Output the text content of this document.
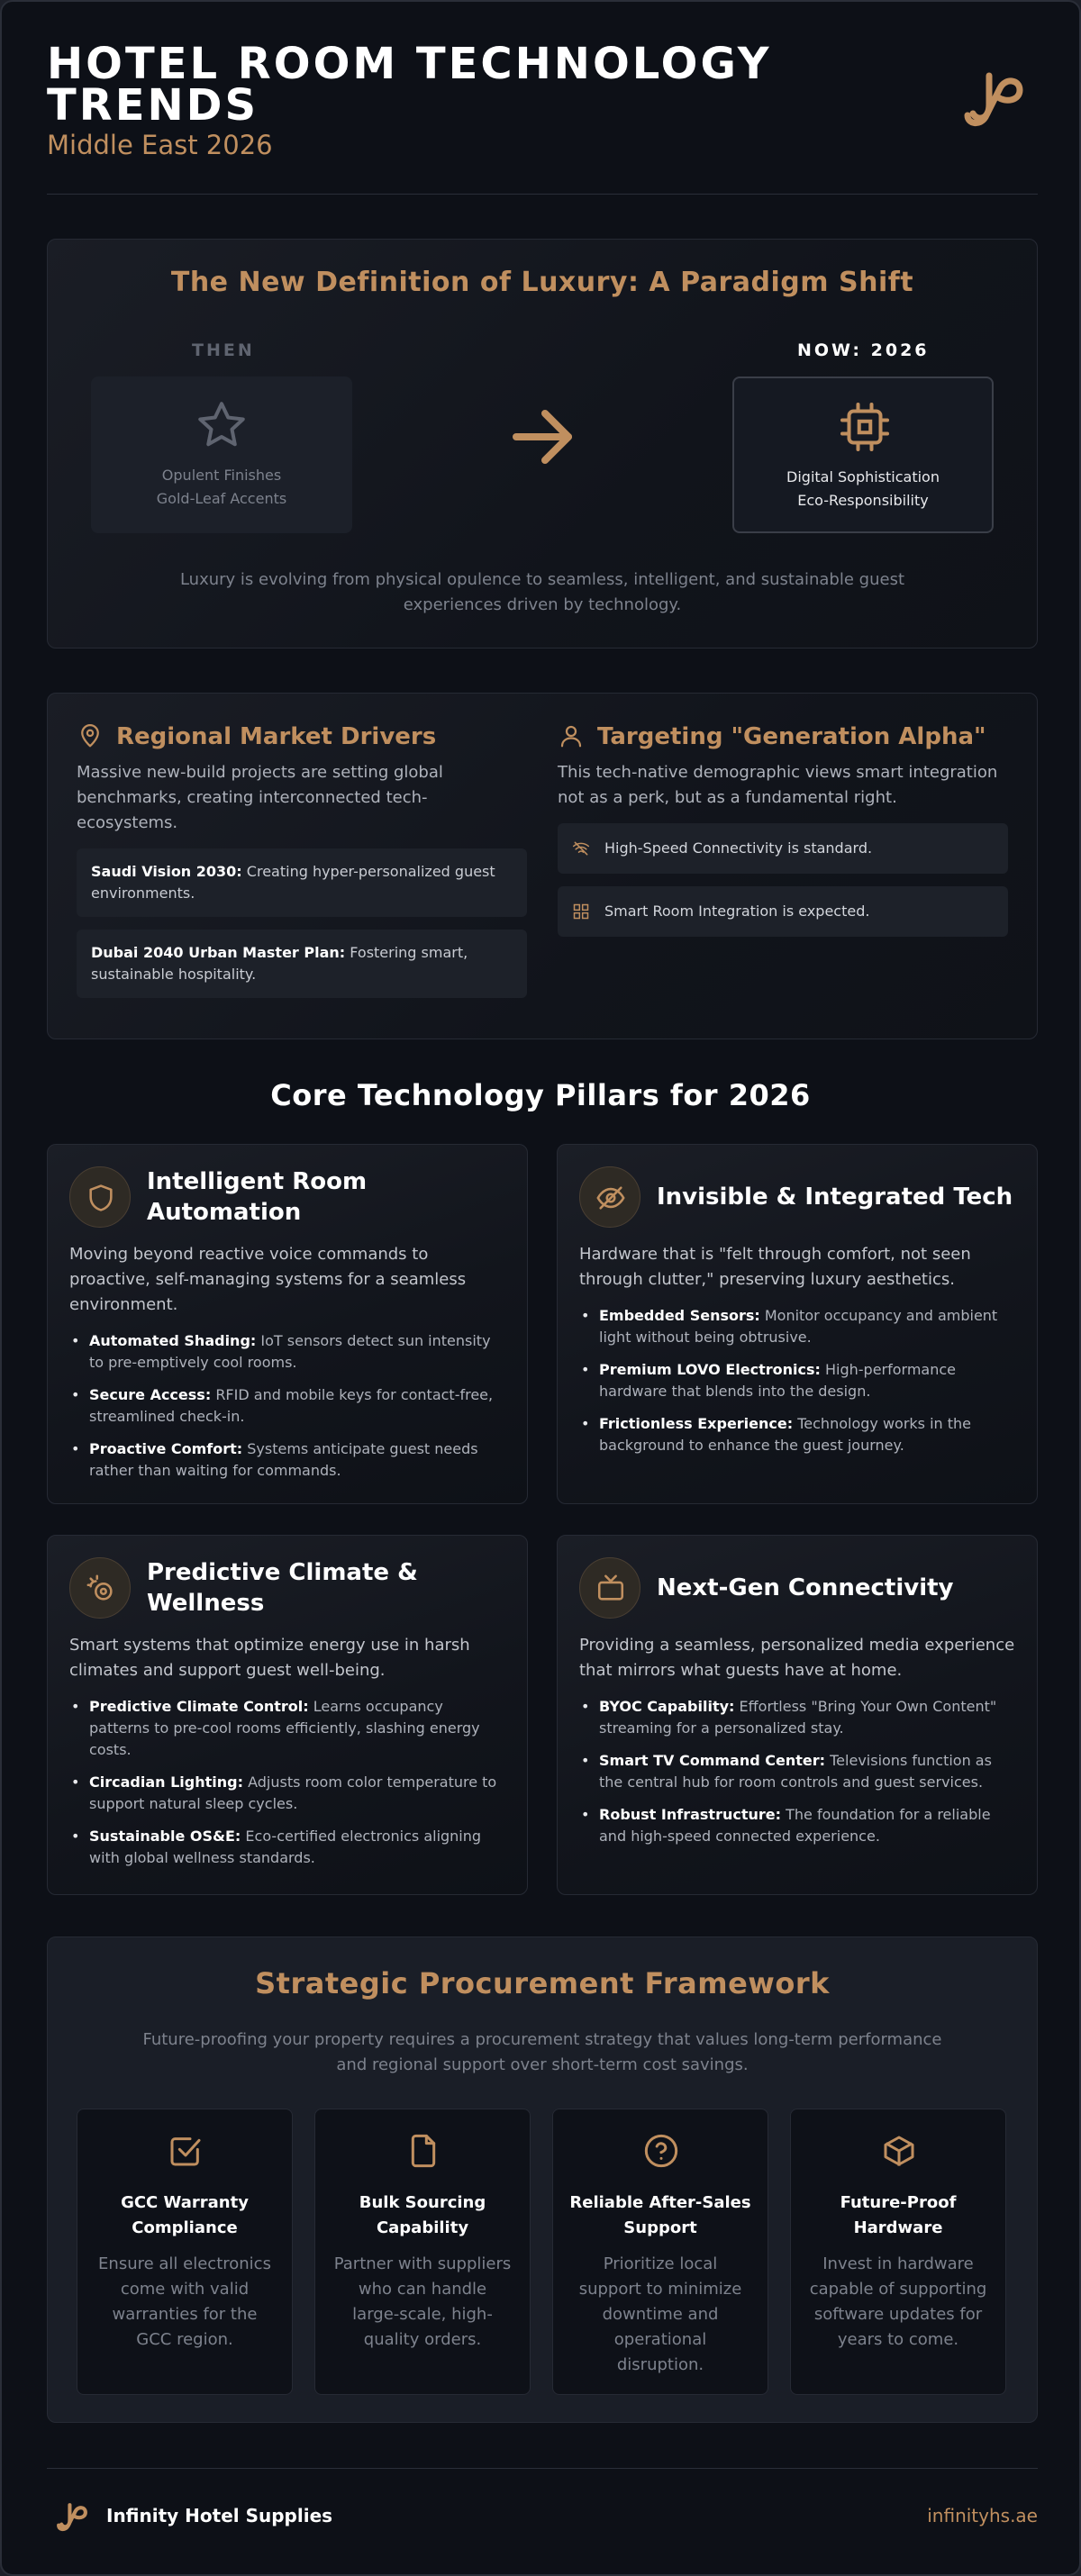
HOTEL ROOM TECHNOLOGY TRENDS
Middle East 2026
The New Definition of Luxury: A Paradigm Shift
THEN	NOW: 2026
Opulent Finishes
Gold-Leaf Accents
Digital Sophistication
Eco-Responsibility
Luxury is evolving from physical opulence to seamless, intelligent, and sustainable guest experiences driven by technology.
Regional Market Drivers
Massive new-build projects are setting global benchmarks, creating interconnected tech-ecosystems.
Saudi Vision 2030: Creating hyper-personalized guest environments.
Dubai 2040 Urban Master Plan: Fostering smart, sustainable hospitality.
Targeting "Generation Alpha"
This tech-native demographic views smart integration not as a perk, but as a fundamental right.
High-Speed Connectivity is standard.
Smart Room Integration is expected.
Core Technology Pillars for 2026
Intelligent Room Automation
Moving beyond reactive voice commands to proactive, self-managing systems for a seamless environment.
• Automated Shading: IoT sensors detect sun intensity to pre-emptively cool rooms.
• Secure Access: RFID and mobile keys for contact-free, streamlined check-in.
• Proactive Comfort: Systems anticipate guest needs rather than waiting for commands.
Invisible & Integrated Tech
Hardware that is "felt through comfort, not seen through clutter," preserving luxury aesthetics.
• Embedded Sensors: Monitor occupancy and ambient light without being obtrusive.
• Premium LOVO Electronics: High-performance hardware that blends into the design.
• Frictionless Experience: Technology works in the background to enhance the guest journey.
Predictive Climate & Wellness
Smart systems that optimize energy use in harsh climates and support guest well-being.
• Predictive Climate Control: Learns occupancy patterns to pre-cool rooms efficiently, slashing energy costs.
• Circadian Lighting: Adjusts room color temperature to support natural sleep cycles.
• Sustainable OS&E: Eco-certified electronics aligning with global wellness standards.
Next-Gen Connectivity
Providing a seamless, personalized media experience that mirrors what guests have at home.
• BYOC Capability: Effortless "Bring Your Own Content" streaming for a personalized stay.
• Smart TV Command Center: Televisions function as the central hub for room controls and guest services.
• Robust Infrastructure: The foundation for a reliable and high-speed connected experience.
Strategic Procurement Framework
Future-proofing your property requires a procurement strategy that values long-term performance and regional support over short-term cost savings.
GCC Warranty Compliance

Ensure all electronics come with valid warranties for the GCC region.

Bulk Sourcing Capability

Partner with suppliers who can handle large-scale, high-quality orders.

Reliable After-Sales Support

Prioritize local support to minimize downtime and operational disruption.

Future-Proof Hardware

Invest in hardware capable of supporting software updates for years to come.

Infinity Hotel Supplies	infinityhs.ae
